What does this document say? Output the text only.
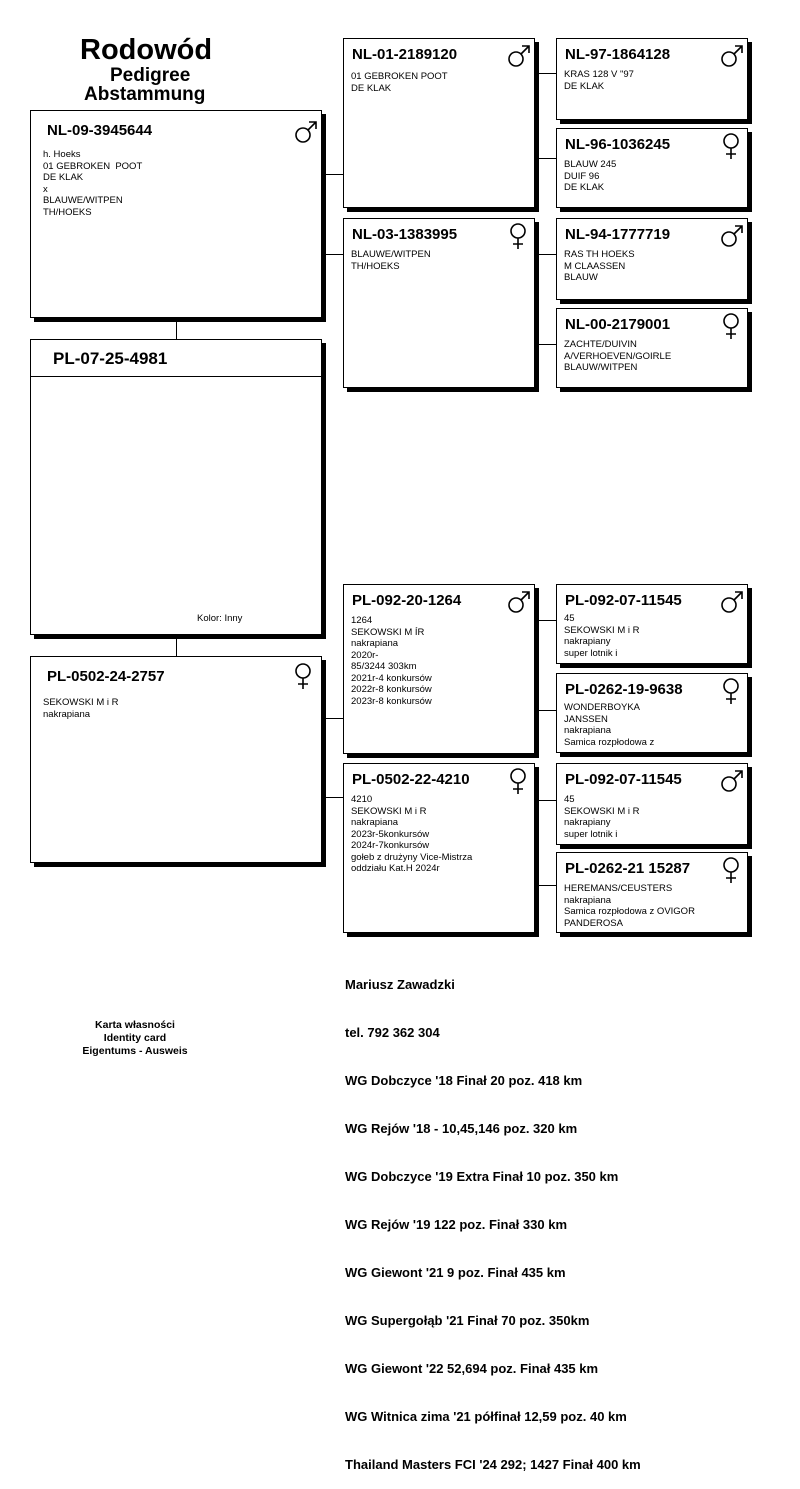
Rodowód
Pedigree
Abstammung
NL-09-3945644
h. Hoeks
01 GEBROKEN  POOT
DE KLAK
x
BLAUWE/WITPEN
TH/HOEKS
PL-07-25-4981
Kolor: Inny
PL-0502-24-2757
SEKOWSKI M i R
nakrapiana
NL-01-2189120
01 GEBROKEN POOT
DE KLAK
NL-03-1383995
BLAUWE/WITPEN
TH/HOEKS
PL-092-20-1264
1264
SEKOWSKI M ÍR
nakrapiana
2020r-
85/3244 303km
2021r-4 konkursów
2022r-8 konkursów
2023r-8 konkursów
PL-0502-22-4210
4210
SEKOWSKI M i R
nakrapiana
2023r-5konkursów
2024r-7konkursów
gołeb z drużyny Vice-Mistrza
oddziału Kat.H 2024r
NL-97-1864128
KRAS 128 V "97
DE KLAK
NL-96-1036245
BLAUW 245
DUIF 96
DE KLAK
NL-94-1777719
RAS TH HOEKS
M CLAASSEN
BLAUW
NL-00-2179001
ZACHTE/DUIVIN
A/VERHOEVEN/GOIRLE
BLAUW/WITPEN
PL-092-07-11545
45
SEKOWSKI M i R
nakrapiany
super lotnik i
PL-0262-19-9638
WONDERBOYKA
JANSSEN
nakrapiana
Samica rozpłodowa z
PL-092-07-11545
45
SEKOWSKI M i R
nakrapiany
super lotnik i
PL-0262-21 15287
HEREMANS/CEUSTERS
nakrapiana
Samica rozpłodowa z OVIGOR
PANDEROSA
Karta własności
Identity card
Eigentums - Ausweis

Mariusz Zawadzki

tel. 792 362 304

WG Dobczyce '18 Finał 20 poz. 418 km

WG Rejów '18 - 10,45,146 poz. 320 km

WG Dobczyce '19 Extra Finał 10 poz. 350 km

WG Rejów '19 122 poz. Finał 330 km

WG Giewont '21 9 poz. Finał 435 km

WG Supergołąb '21 Finał 70 poz. 350km

WG Giewont '22 52,694 poz. Finał 435 km

WG Witnica zima '21 półfinał 12,59 poz. 40 km

Thailand Masters FCI '24 292; 1427 Finał 400 km
